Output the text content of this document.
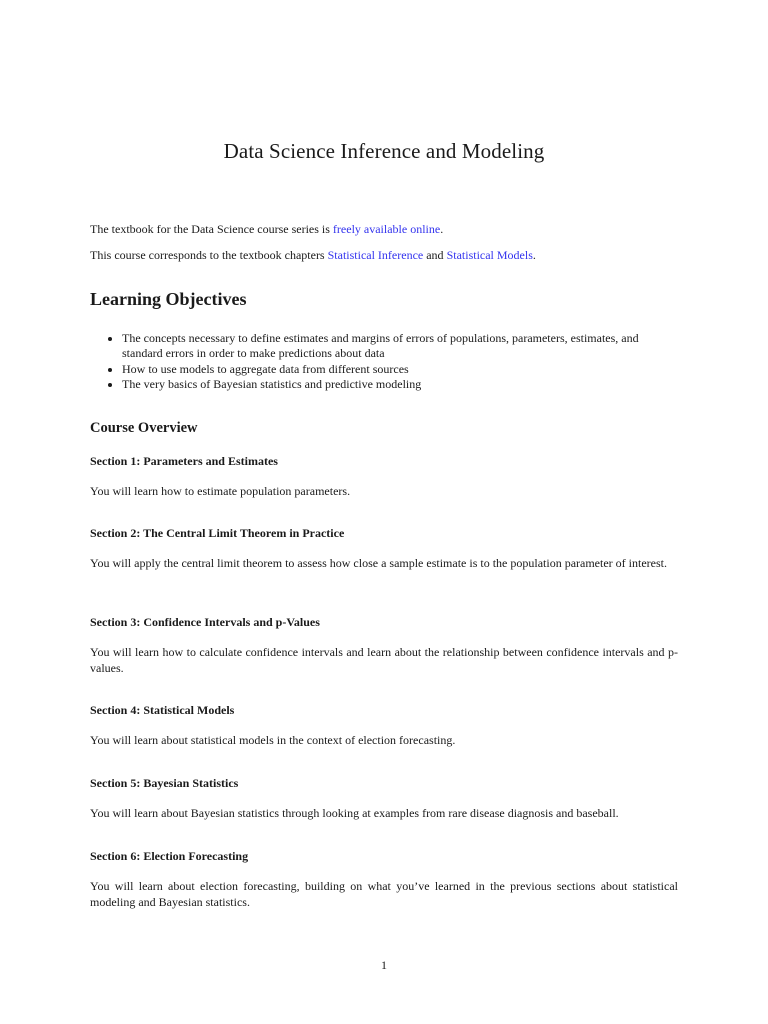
Data Science Inference and Modeling

The textbook for the Data Science course series is freely available online.

This course corresponds to the textbook chapters Statistical Inference and Statistical Models.

Learning Objectives
• The concepts necessary to define estimates and margins of errors of populations, parameters, estimates, and standard errors in order to make predictions about data
• How to use models to aggregate data from different sources
• The very basics of Bayesian statistics and predictive modeling
Course Overview
Section 1: Parameters and Estimates

You will learn how to estimate population parameters.

Section 2: The Central Limit Theorem in Practice

You will apply the central limit theorem to assess how close a sample estimate is to the population parameter of interest.

Section 3: Confidence Intervals and p-Values

You will learn how to calculate confidence intervals and learn about the relationship between confidence intervals and p-values.

Section 4: Statistical Models

You will learn about statistical models in the context of election forecasting.

Section 5: Bayesian Statistics

You will learn about Bayesian statistics through looking at examples from rare disease diagnosis and baseball.

Section 6: Election Forecasting

You will learn about election forecasting, building on what you’ve learned in the previous sections about statistical modeling and Bayesian statistics.

1
